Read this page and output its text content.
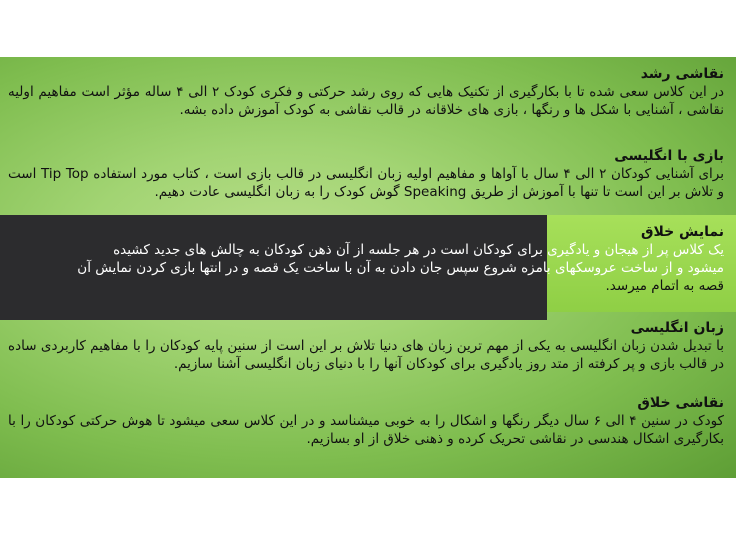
نقاشی رشد

در این کلاس سعی شده تا با بکارگیری از تکنیک هایی که روی رشد حرکتی و فکری کودک ۲ الی ۴ ساله مؤثر است مفاهیم اولیه نقاشی ، آشنایی با شکل ها و رنگها ، بازی های خلاقانه در قالب نقاشی به کودک آموزش داده بشه.

بازی با انگلیسی

برای آشنایی کودکان ۲ الی ۴ سال با آواها و مفاهیم اولیه زبان انگلیسی در قالب بازی است ، کتاب مورد استفاده Tip Top است و تلاش بر این است تا تنها با آموزش از طریق Speaking گوش کودک را به زبان انگلیسی عادت دهیم.

نمایش خلاق

یک کلاس پر از هیجان و یادگیری برای کودکان است در هر جلسه از آن ذهن کودکان به چالش های جدید کشیده

میشود و از ساخت عروسکهای بامزه شروع سپس جان دادن به آن با ساخت یک قصه و در انتها بازی کردن نمایش آن

قصه به اتمام میرسد.

زبان انگلیسی

با تبدیل شدن زبان انگلیسی به یکی از مهم ترین زبان های دنیا تلاش بر این است از سنین پایه کودکان را با مفاهیم کاربردی ساده در قالب بازی و پر کرفته از متد روز یادگیری برای کودکان آنها را با دنیای زبان انگلیسی آشنا سازیم.

نقاشی خلاق

کودک در سنین ۴ الی ۶ سال دیگر رنگها و اشکال را به خوبی میشناسد و در این کلاس سعی میشود تا هوش حرکتی کودکان را با بکارگیری اشکال هندسی در نقاشی تحریک کرده و ذهنی خلاق از او بسازیم.
